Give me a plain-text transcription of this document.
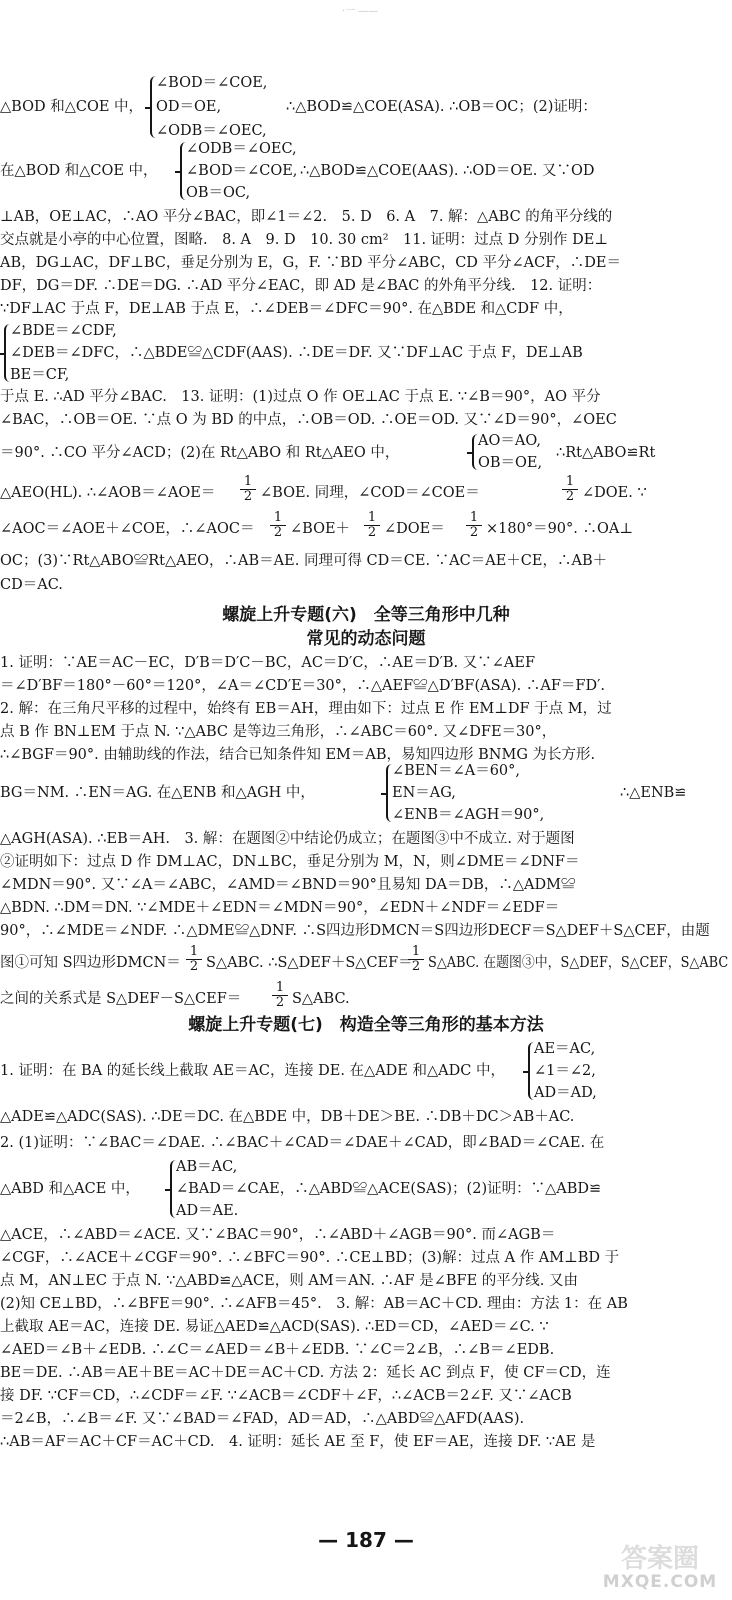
·一 ——
∠BOD＝∠COE,
OD＝OE,
∠ODB＝∠OEC,
△BOD 和△COE 中，	∴△BOD≌△COE(ASA). ∴OB＝OC；(2)证明：
∠ODB＝∠OEC,
∠BOD＝∠COE,
OB＝OC,
在△BOD 和△COE 中，	∴△BOD≌△COE(AAS). ∴OD＝OE. 又∵OD
⊥AB，OE⊥AC，∴AO 平分∠BAC，即∠1＝∠2.　5. D　6. A　7. 解：△ABC 的角平分线的
交点就是小亭的中心位置，图略.　8. A　9. D　10. 30 cm²　11. 证明：过点 D 分别作 DE⊥
AB，DG⊥AC，DF⊥BC，垂足分别为 E，G，F. ∵BD 平分∠ABC，CD 平分∠ACF，∴DE＝
DF，DG＝DF. ∴DE＝DG. ∴AD 平分∠EAC，即 AD 是∠BAC 的外角平分线.　12. 证明：
∵DF⊥AC 于点 F，DE⊥AB 于点 E，∴∠DEB＝∠DFC＝90°. 在△BDE 和△CDF 中，
∠BDE＝∠CDF,
∠DEB＝∠DFC，∴△BDE≌△CDF(AAS). ∴DE＝DF. 又∵DF⊥AC 于点 F，DE⊥AB
BE＝CF,
于点 E. ∴AD 平分∠BAC.　13. 证明：(1)过点 O 作 OE⊥AC 于点 E. ∵∠B＝90°，AO 平分
∠BAC，∴OB＝OE. ∵点 O 为 BD 的中点，∴OB＝OD. ∴OE＝OD. 又∵∠D＝90°，∠OEC
＝90°. ∴CO 平分∠ACD；(2)在 Rt△ABO 和 Rt△AEO 中，
AO＝AO,
OB＝OE,
∴Rt△ABO≌Rt
△AEO(HL). ∴∠AOB＝∠AOE＝ $\frac{1}{2}$ ∠BOE. 同理，∠COD＝∠COE＝	$\frac{1}{2}$ ∠DOE. ∵
∠AOC＝∠AOE＋∠COE，∴∠AOC＝ $\frac{1}{2}$ ∠BOE＋ $\frac{1}{2}$ ∠DOE＝ $\frac{1}{2} \times 180^\circ=90^\circ$. ∴OA⊥
OC；(3)∵Rt△ABO≌Rt△AEO，∴AB＝AE. 同理可得 CD＝CE. ∵AC＝AE＋CE，∴AB＋
CD＝AC.
螺旋上升专题(六)　全等三角形中几种
常见的动态问题
1. 证明：∵AE＝AC－EC，D′B＝D′C－BC，AC＝D′C，∴AE＝D′B. 又∵∠AEF
＝∠D′BF＝180°－60°＝120°，∠A＝∠CD′E＝30°，∴△AEF≌△D′BF(ASA). ∴AF＝FD′.
2. 解：在三角尺平移的过程中，始终有 EB＝AH，理由如下：过点 E 作 EM⊥DF 于点 M，过
点 B 作 BN⊥EM 于点 N. ∵△ABC 是等边三角形，∴∠ABC＝60°. 又∠DFE＝30°，
∴∠BGF＝90°. 由辅助线的作法，结合已知条件知 EM＝AB，易知四边形 BNMG 为长方形.
∠BEN＝∠A＝60°,
EN＝AG,
∠ENB＝∠AGH＝90°,
BG＝NM. ∴EN＝AG. 在△ENB 和△AGH 中，	∴△ENB≌
△AGH(ASA). ∴EB＝AH.　3. 解：在题图②中结论仍成立；在题图③中不成立. 对于题图
②证明如下：过点 D 作 DM⊥AC，DN⊥BC，垂足分别为 M，N，则∠DME＝∠DNF＝
∠MDN＝90°. 又∵∠A＝∠ABC，∠AMD＝∠BND＝90°且易知 DA＝DB，∴△ADM≌
△BDN. ∴DM＝DN. ∵∠MDE＋∠EDN＝∠MDN＝90°，∠EDN＋∠NDF＝∠EDF＝
90°，∴∠MDE＝∠NDF. ∴△DME≌△DNF. ∴S四边形DMCN＝S四边形DECF＝S△DEF＋S△CEF，由题
图①可知 S四边形DMCN＝ $\frac{1}{2}$ S△ABC. ∴S△DEF＋S△CEF＝
$\frac{1}{2}$ S△ABC. 在题图③中，S△DEF，S△CEF，S△ABC
之间的关系式是 S△DEF－S△CEF＝ $\frac{1}{2}$ S△ABC.
螺旋上升专题(七)　构造全等三角形的基本方法
AE＝AC,
∠1＝∠2,
AD＝AD,
1. 证明：在 BA 的延长线上截取 AE＝AC，连接 DE. 在△ADE 和△ADC 中，
△ADE≌△ADC(SAS). ∴DE＝DC. 在△BDE 中，DB＋DE＞BE. ∴DB＋DC＞AB＋AC.
2. (1)证明：∵∠BAC＝∠DAE. ∴∠BAC＋∠CAD＝∠DAE＋∠CAD，即∠BAD＝∠CAE. 在
AB＝AC,
∠BAD＝∠CAE，∴△ABD≌△ACE(SAS)；(2)证明：∵△ABD≌
AD＝AE.
△ABD 和△ACE 中，
△ACE，∴∠ABD＝∠ACE. 又∵∠BAC＝90°，∴∠ABD＋∠AGB＝90°. 而∠AGB＝
∠CGF，∴∠ACE＋∠CGF＝90°. ∴∠BFC＝90°. ∴CE⊥BD；(3)解：过点 A 作 AM⊥BD 于
点 M，AN⊥EC 于点 N. ∵△ABD≌△ACE，则 AM＝AN. ∴AF 是∠BFE 的平分线. 又由
(2)知 CE⊥BD，∴∠BFE＝90°. ∴∠AFB＝45°.　3. 解：AB＝AC＋CD. 理由：方法 1：在 AB
上截取 AE＝AC，连接 DE. 易证△AED≌△ACD(SAS). ∴ED＝CD，∠AED＝∠C. ∵
∠AED＝∠B＋∠EDB. ∴∠C＝∠AED＝∠B＋∠EDB. ∵∠C＝2∠B，∴∠B＝∠EDB.
BE＝DE. ∴AB＝AE＋BE＝AC＋DE＝AC＋CD. 方法 2：延长 AC 到点 F，使 CF＝CD，连
接 DF. ∵CF＝CD，∴∠CDF＝∠F. ∵∠ACB＝∠CDF＋∠F，∴∠ACB＝2∠F. 又∵∠ACB
＝2∠B，∴∠B＝∠F. 又∵∠BAD＝∠FAD，AD＝AD，∴△ABD≌△AFD(AAS).
∴AB＝AF＝AC＋CF＝AC＋CD.　4. 证明：延长 AE 至 F，使 EF＝AE，连接 DF. ∵AE 是
— 187 —
答案圈
MXQE.COM
